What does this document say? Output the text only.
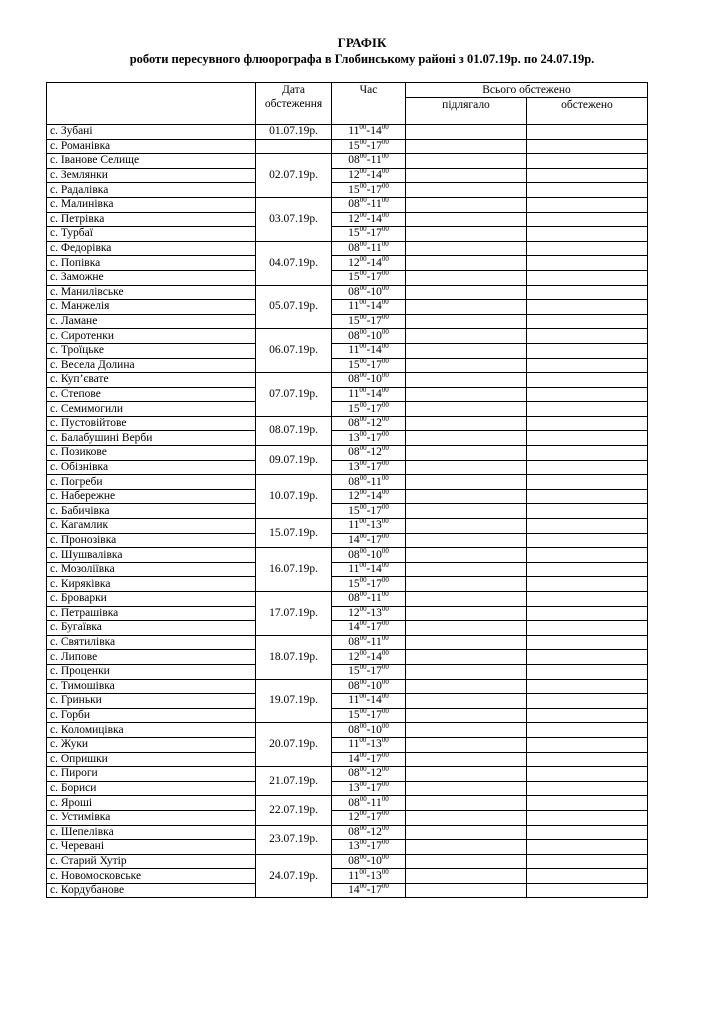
ГРАФІК
роботи пересувного флюорографа в Глобинському районі з 01.07.19р. по 24.07.19р.
	Дата обстеження	Час	Всього обстежено	
			підлягало	обстежено
с. Зубані	01.07.19р.	$11^{00}-14^{00}$		
с. Романівка		$15^{00}-17^{00}$		
с. Іванове Селище	02.07.19р.	$08^{00}-11^{00}$		
с. Землянки		$12^{00}-14^{00}$		
с. Радалівка		$15^{00}-17^{00}$		
с. Малинівка	03.07.19р.	$08^{00}-11^{00}$		
с. Петрівка		$12^{00}-14^{00}$		
с. Турбаї		$15^{00}-17^{00}$		
с. Федорівка	04.07.19р.	$08^{00}-11^{00}$		
с. Попівка		$12^{00}-14^{00}$		
с. Заможне		$15^{00}-17^{00}$		
с. Манилівське	05.07.19р.	$08^{00}-10^{00}$		
с. Манжелія		$11^{00}-14^{00}$		
с. Ламане		$15^{00}-17^{00}$		
с. Сиротенки	06.07.19р.	$08^{00}-10^{00}$		
с. Троїцьке		$11^{00}-14^{00}$		
с. Весела Долина		$15^{00}-17^{00}$		
с. Куп’євате	07.07.19р.	$08^{00}-10^{00}$		
с. Степове		$11^{00}-14^{00}$		
с. Семимогили		$15^{00}-17^{00}$		
с. Пустовійтове	08.07.19р.	$08^{00}-12^{00}$		
с. Балабушині Верби		$13^{00}-17^{00}$		
с. Позикове	09.07.19р.	$08^{00}-12^{00}$		
с. Обізнівка		$13^{00}-17^{00}$		
с. Погреби	10.07.19р.	$08^{00}-11^{00}$		
с. Набережне		$12^{00}-14^{00}$		
с. Бабичівка		$15^{00}-17^{00}$		
с. Кагамлик	15.07.19р.	$11^{00}-13^{00}$		
с. Пронозівка		$14^{00}-17^{00}$		
с. Шушвалівка	16.07.19р.	$08^{00}-10^{00}$		
с. Мозоліївка		$11^{00}-14^{00}$		
с. Киряківка		$15^{00}-17^{00}$		
с. Броварки	17.07.19р.	$08^{00}-11^{00}$		
с. Петрашівка		$12^{00}-13^{00}$		
с. Бугаївка		$14^{00}-17^{00}$		
с. Святилівка	18.07.19р.	$08^{00}-11^{00}$		
с. Липове		$12^{00}-14^{00}$		
с. Проценки		$15^{00}-17^{00}$		
с. Тимошівка	19.07.19р.	$08^{00}-10^{00}$		
с. Гриньки		$11^{00}-14^{00}$		
с. Горби		$15^{00}-17^{00}$		
с. Коломицівка	20.07.19р.	$08^{00}-10^{00}$		
с. Жуки		$11^{00}-13^{00}$		
с. Опришки		$14^{00}-17^{00}$		
с. Пироги	21.07.19р.	$08^{00}-12^{00}$		
с. Бориси		$13^{00}-17^{00}$		
с. Яроші	22.07.19р.	$08^{00}-11^{00}$		
с. Устимівка		$12^{00}-17^{00}$		
с. Шепелівка	23.07.19р.	$08^{00}-12^{00}$		
с. Черевані		$13^{00}-17^{00}$		
с. Старий Хутір	24.07.19р.	$08^{00}-10^{00}$		
с. Новомосковське		$11^{00}-13^{00}$		
с. Кордубанове		$14^{00}-17^{00}$		
